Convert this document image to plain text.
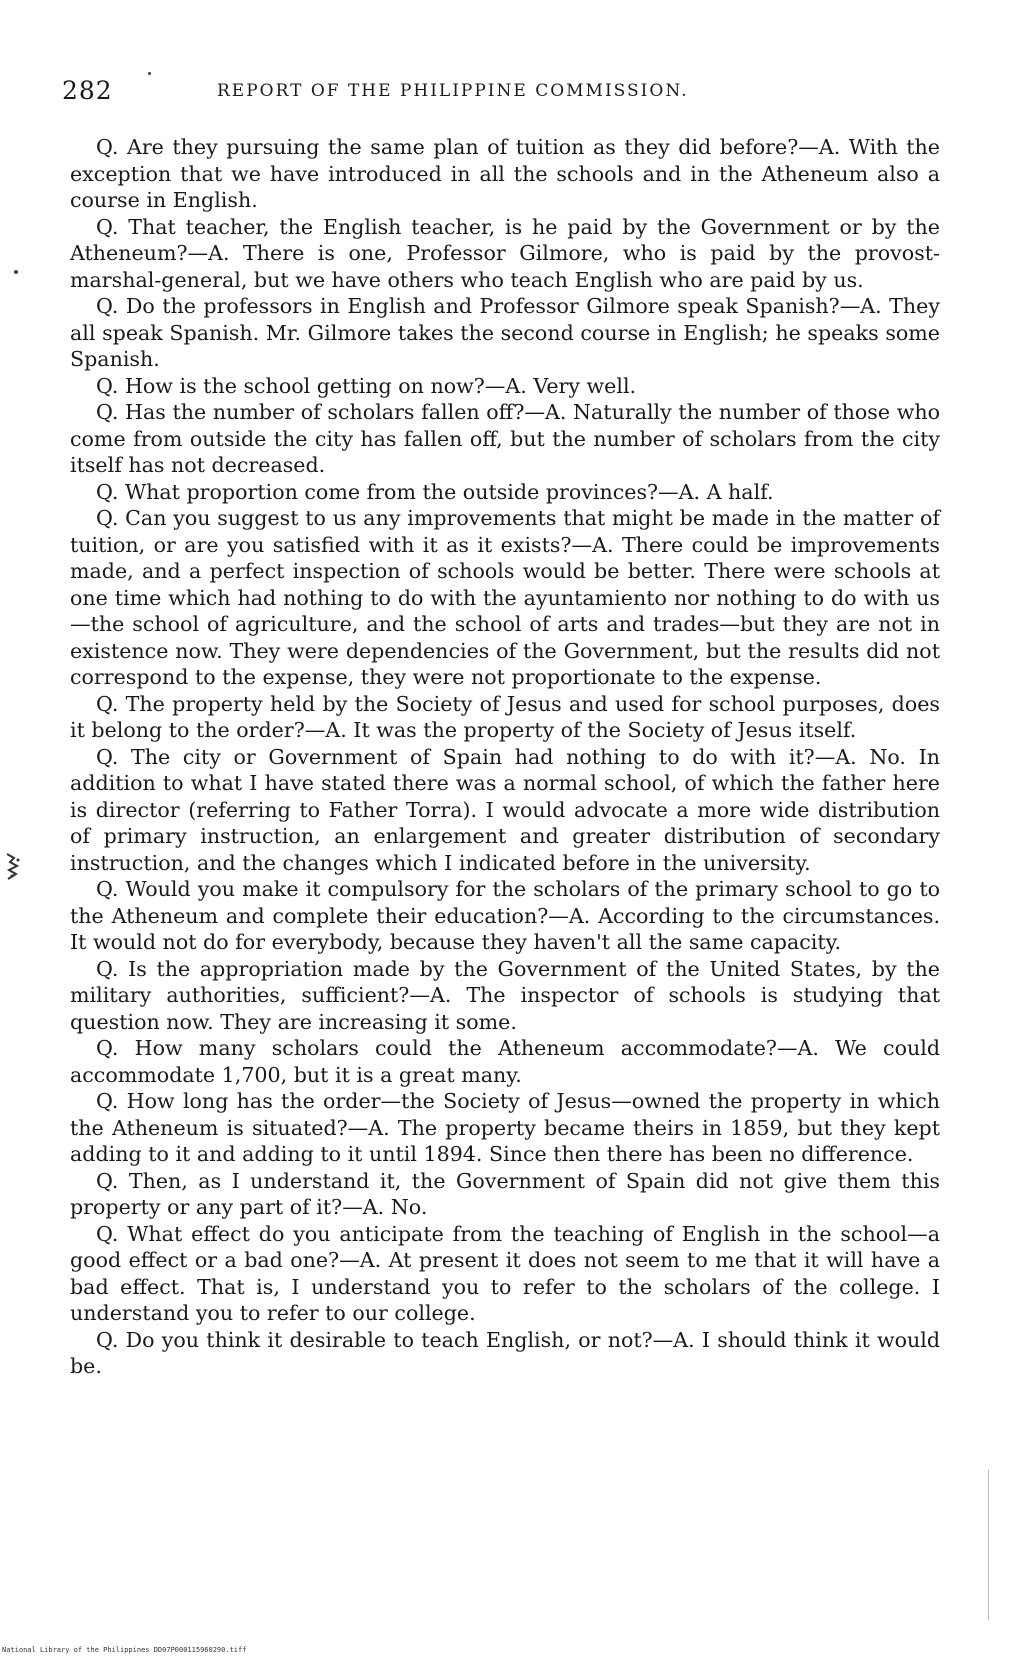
282	REPORT OF THE PHILIPPINE COMMISSION.

Q. Are they pursuing the same plan of tuition as they did before?—A. With the exception that we have introduced in all the schools and in the Atheneum also a course in English.

Q. That teacher, the English teacher, is he paid by the Government or by the Atheneum?—A. There is one, Professor Gilmore, who is paid by the provost-marshal-general, but we have others who teach English who are paid by us.

Q. Do the professors in English and Professor Gilmore speak Spanish?—A. They all speak Spanish. Mr. Gilmore takes the second course in English; he speaks some Spanish.

Q. How is the school getting on now?—A. Very well.

Q. Has the number of scholars fallen off?—A. Naturally the number of those who come from outside the city has fallen off, but the number of scholars from the city itself has not decreased.

Q. What proportion come from the outside provinces?—A. A half.

Q. Can you suggest to us any improvements that might be made in the matter of tuition, or are you satisfied with it as it exists?—A. There could be improvements made, and a perfect inspection of schools would be better. There were schools at one time which had nothing to do with the ayuntamiento nor nothing to do with us—the school of agriculture, and the school of arts and trades—but they are not in existence now. They were dependencies of the Government, but the results did not correspond to the expense, they were not proportionate to the expense.

Q. The property held by the Society of Jesus and used for school purposes, does it belong to the order?—A. It was the property of the Society of Jesus itself.

Q. The city or Government of Spain had nothing to do with it?—A. No. In addition to what I have stated there was a normal school, of which the father here is director (referring to Father Torra). I would advocate a more wide distribution of primary instruction, an enlargement and greater distribution of secondary instruction, and the changes which I indicated before in the university.

Q. Would you make it compulsory for the scholars of the primary school to go to the Atheneum and complete their education?—A. According to the circumstances. It would not do for everybody, because they haven't all the same capacity.

Q. Is the appropriation made by the Government of the United States, by the military authorities, sufficient?—A. The inspector of schools is studying that question now. They are increasing it some.

Q. How many scholars could the Atheneum accommodate?—A. We could accommodate 1,700, but it is a great many.

Q. How long has the order—the Society of Jesus—owned the property in which the Atheneum is situated?—A. The property became theirs in 1859, but they kept adding to it and adding to it until 1894. Since then there has been no difference.

Q. Then, as I understand it, the Government of Spain did not give them this property or any part of it?—A. No.

Q. What effect do you anticipate from the teaching of English in the school—a good effect or a bad one?—A. At present it does not seem to me that it will have a bad effect. That is, I understand you to refer to the scholars of the college. I understand you to refer to our college.

Q. Do you think it desirable to teach English, or not?—A. I should think it would be.

National Library of the Philippines DD07P000115960290.tiff
